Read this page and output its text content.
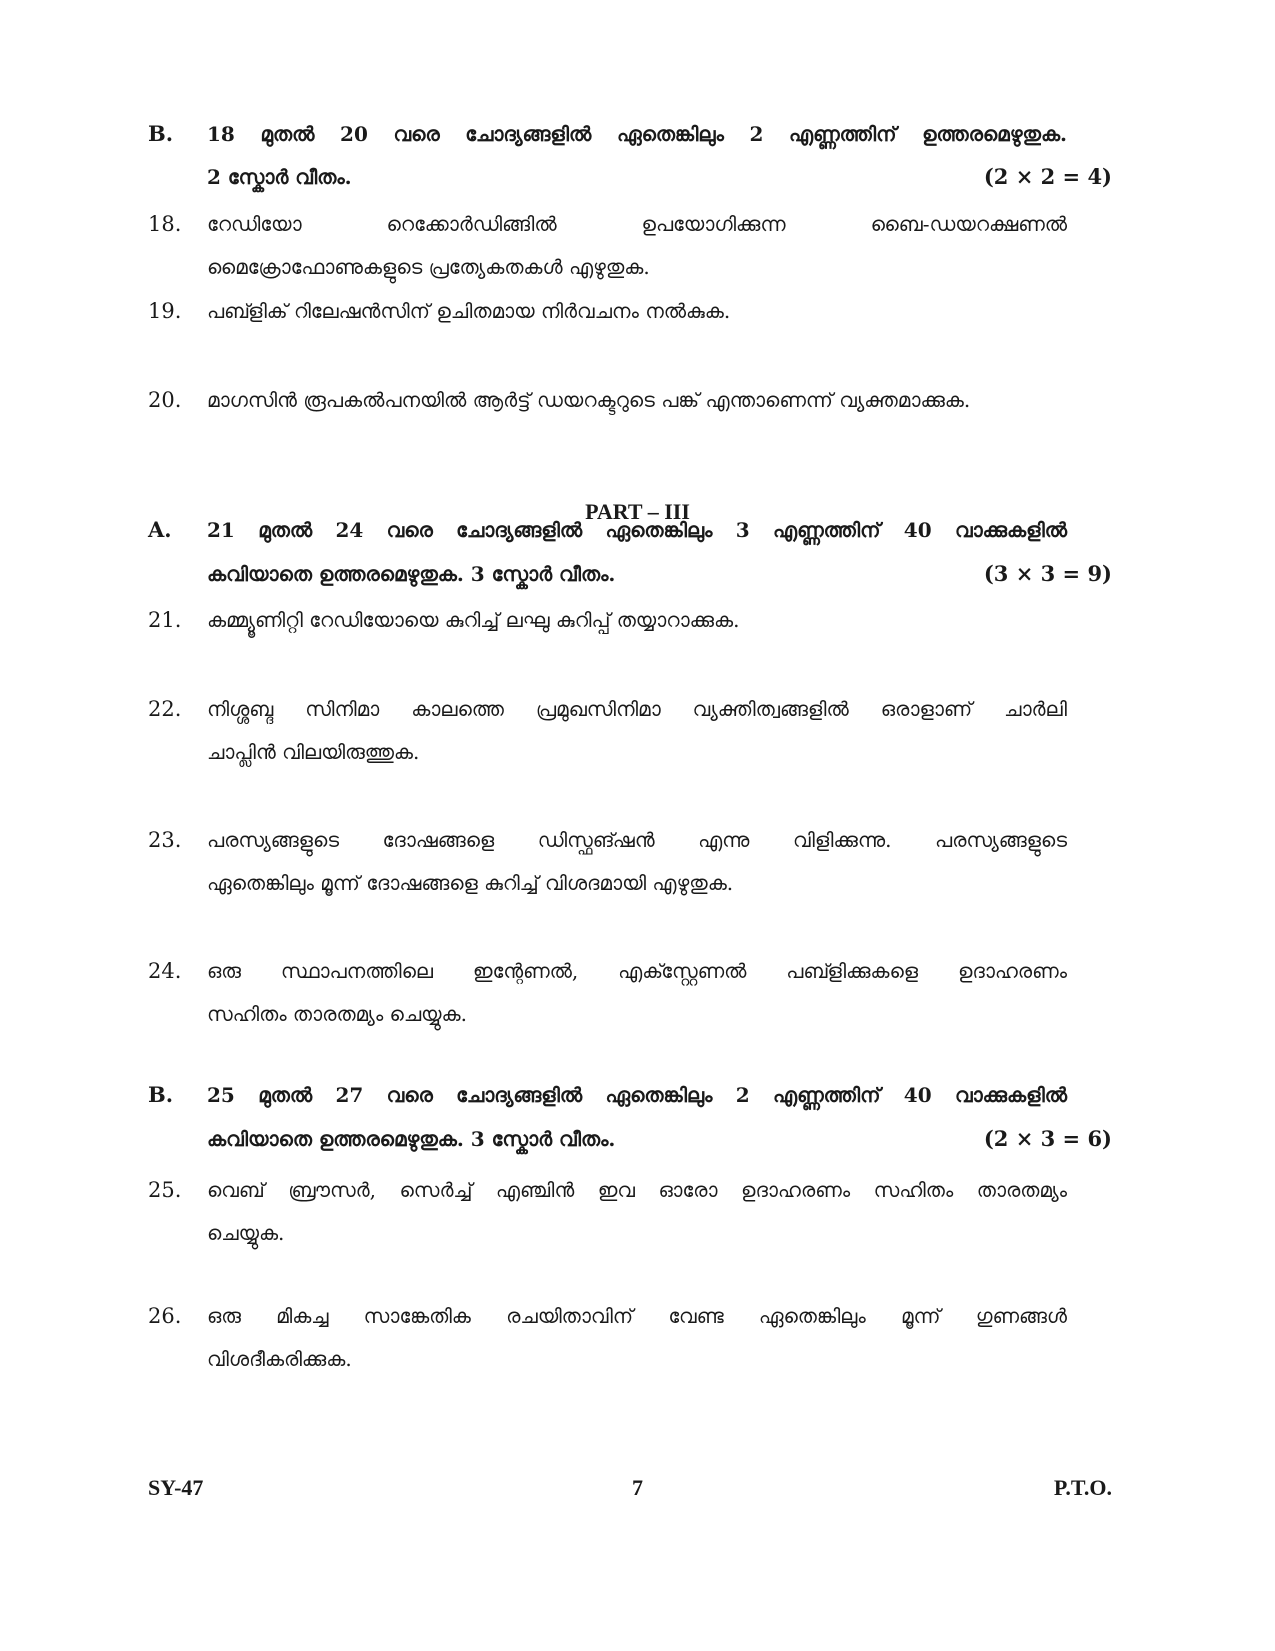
B. 18 മുതൽ 20 വരെ ചോദ്യങ്ങളിൽ ഏതെങ്കിലും 2 എണ്ണത്തിന് ഉത്തരമെഴുതുക.
2 സ്കോർ വീതം.	(2 × 2 = 4)
18. റേഡിയോ റെക്കോർഡിങ്ങിൽ ഉപയോഗിക്കുന്ന ബൈ-ഡയറക്ഷണൽ
മൈക്രോഫോണുകളുടെ പ്രത്യേകതകൾ എഴുതുക.
19. പബ്ളിക് റിലേഷൻസിന് ഉചിതമായ നിർവചനം നൽകുക.
20. മാഗസിൻ രൂപകൽപനയിൽ ആർട്ട് ഡയറക്ടറുടെ പങ്ക് എന്താണെന്ന് വ്യക്തമാക്കുക.
PART – III
A. 21 മുതൽ 24 വരെ ചോദ്യങ്ങളിൽ ഏതെങ്കിലും 3 എണ്ണത്തിന് 40 വാക്കുകളിൽ
കവിയാതെ ഉത്തരമെഴുതുക. 3 സ്കോർ വീതം.	(3 × 3 = 9)
21. കമ്മ്യൂണിറ്റി റേഡിയോയെ കുറിച്ച് ലഘു കുറിപ്പ് തയ്യാറാക്കുക.
22. നിശ്ശബ്ദ സിനിമാ കാലത്തെ പ്രമുഖസിനിമാ വ്യക്തിത്വങ്ങളിൽ ഒരാളാണ് ചാർലി
ചാപ്ലിൻ വിലയിരുത്തുക.
23. പരസ്യങ്ങളുടെ ദോഷങ്ങളെ ഡിസ്ഫങ്ഷൻ എന്നു വിളിക്കുന്നു. പരസ്യങ്ങളുടെ
ഏതെങ്കിലും മൂന്ന് ദോഷങ്ങളെ കുറിച്ച് വിശദമായി എഴുതുക.
24. ഒരു സ്ഥാപനത്തിലെ ഇന്റേണൽ, എക്സ്റ്റേണൽ പബ്ളിക്കുകളെ ഉദാഹരണം
സഹിതം താരതമ്യം ചെയ്യുക.
B. 25 മുതൽ 27 വരെ ചോദ്യങ്ങളിൽ ഏതെങ്കിലും 2 എണ്ണത്തിന് 40 വാക്കുകളിൽ
കവിയാതെ ഉത്തരമെഴുതുക. 3 സ്കോർ വീതം.	(2 × 3 = 6)
25. വെബ് ബ്രൗസർ, സെർച്ച് എഞ്ചിൻ ഇവ ഓരോ ഉദാഹരണം സഹിതം താരതമ്യം
ചെയ്യുക.
26. ഒരു മികച്ച സാങ്കേതിക രചയിതാവിന് വേണ്ട ഏതെങ്കിലും മൂന്ന് ഗുണങ്ങൾ
വിശദീകരിക്കുക.
SY-47	7	P.T.O.
